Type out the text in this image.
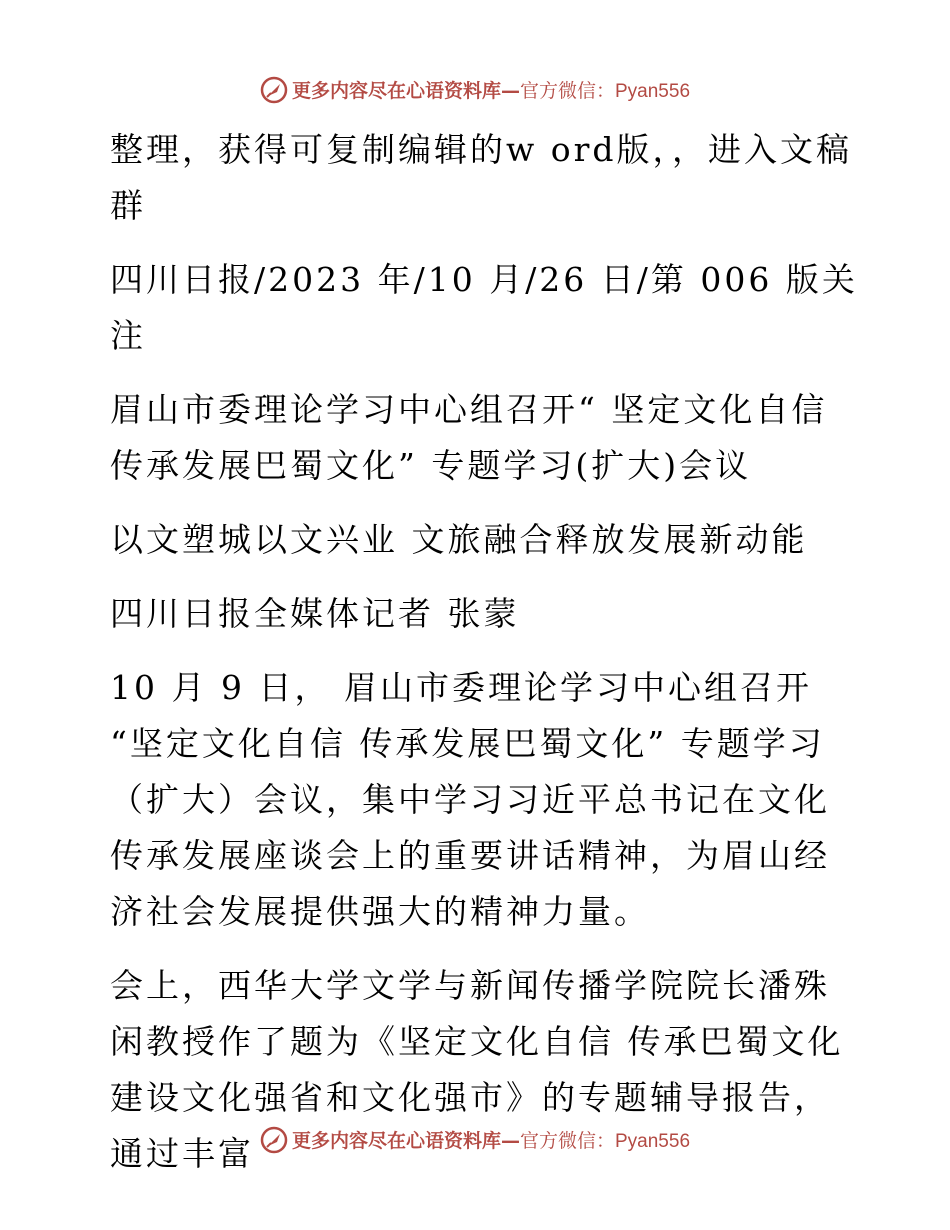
更多内容尽在心语资料库—官方微信：Pyan556

整理，获得可复制编辑的w ord版，，进入文稿群

四川日报/2023 年/10 月/26 日/第 006 版关注

眉山市委理论学习中心组召开“ 坚定文化自信 传承发展巴蜀文化” 专题学习(扩大)会议

以文塑城以文兴业 文旅融合释放发展新动能

四川日报全媒体记者 张蒙

10 月 9 日， 眉山市委理论学习中心组召开 “坚定文化自信 传承发展巴蜀文化” 专题学习（扩大）会议，集中学习习近平总书记在文化传承发展座谈会上的重要讲话精神，为眉山经济社会发展提供强大的精神力量。

会上，西华大学文学与新闻传播学院院长潘殊闲教授作了题为《坚定文化自信 传承巴蜀文化 建设文化强省和文化强市》的专题辅导报告，通过丰富	更多内容尽在心语资料库—官方微信：Pyan556
